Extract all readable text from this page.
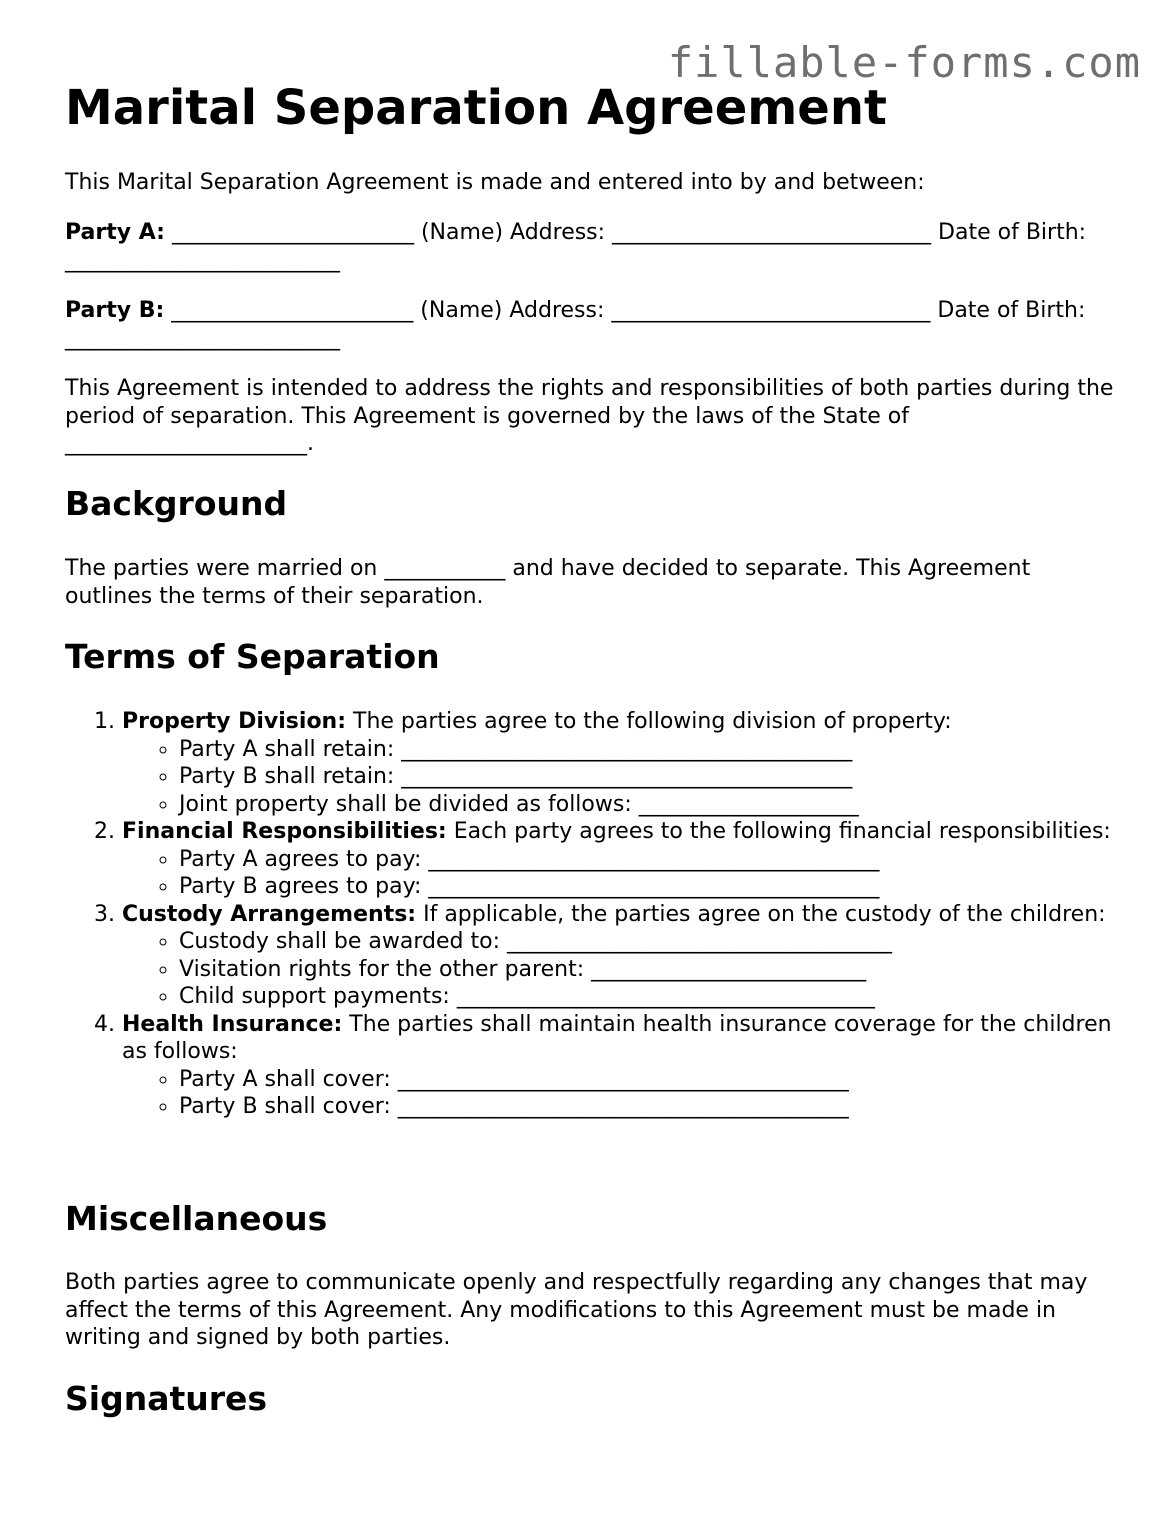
fillable-forms.com
Marital Separation Agreement

This Marital Separation Agreement is made and entered into by and between:

Party A: ______________________ (Name) Address: _____________________________ Date of Birth: _________________________

Party B: ______________________ (Name) Address: _____________________________ Date of Birth: _________________________

This Agreement is intended to address the rights and responsibilities of both parties during the period of separation. This Agreement is governed by the laws of the State of ______________________.

Background

The parties were married on ___________ and have decided to separate. This Agreement outlines the terms of their separation.

Terms of Separation
1. Property Division: The parties agree to the following division of property:
◦ Party A shall retain: _________________________________________
◦ Party B shall retain: _________________________________________
◦ Joint property shall be divided as follows: ____________________
2. Financial Responsibilities: Each party agrees to the following financial responsibilities:
◦ Party A agrees to pay: _________________________________________
◦ Party B agrees to pay: _________________________________________
3. Custody Arrangements: If applicable, the parties agree on the custody of the children:
◦ Custody shall be awarded to: ___________________________________
◦ Visitation rights for the other parent: _________________________
◦ Child support payments: ______________________________________
4. Health Insurance: The parties shall maintain health insurance coverage for the children as follows:
◦ Party A shall cover: _________________________________________
◦ Party B shall cover: _________________________________________
Miscellaneous

Both parties agree to communicate openly and respectfully regarding any changes that may affect the terms of this Agreement. Any modifications to this Agreement must be made in writing and signed by both parties.

Signatures
